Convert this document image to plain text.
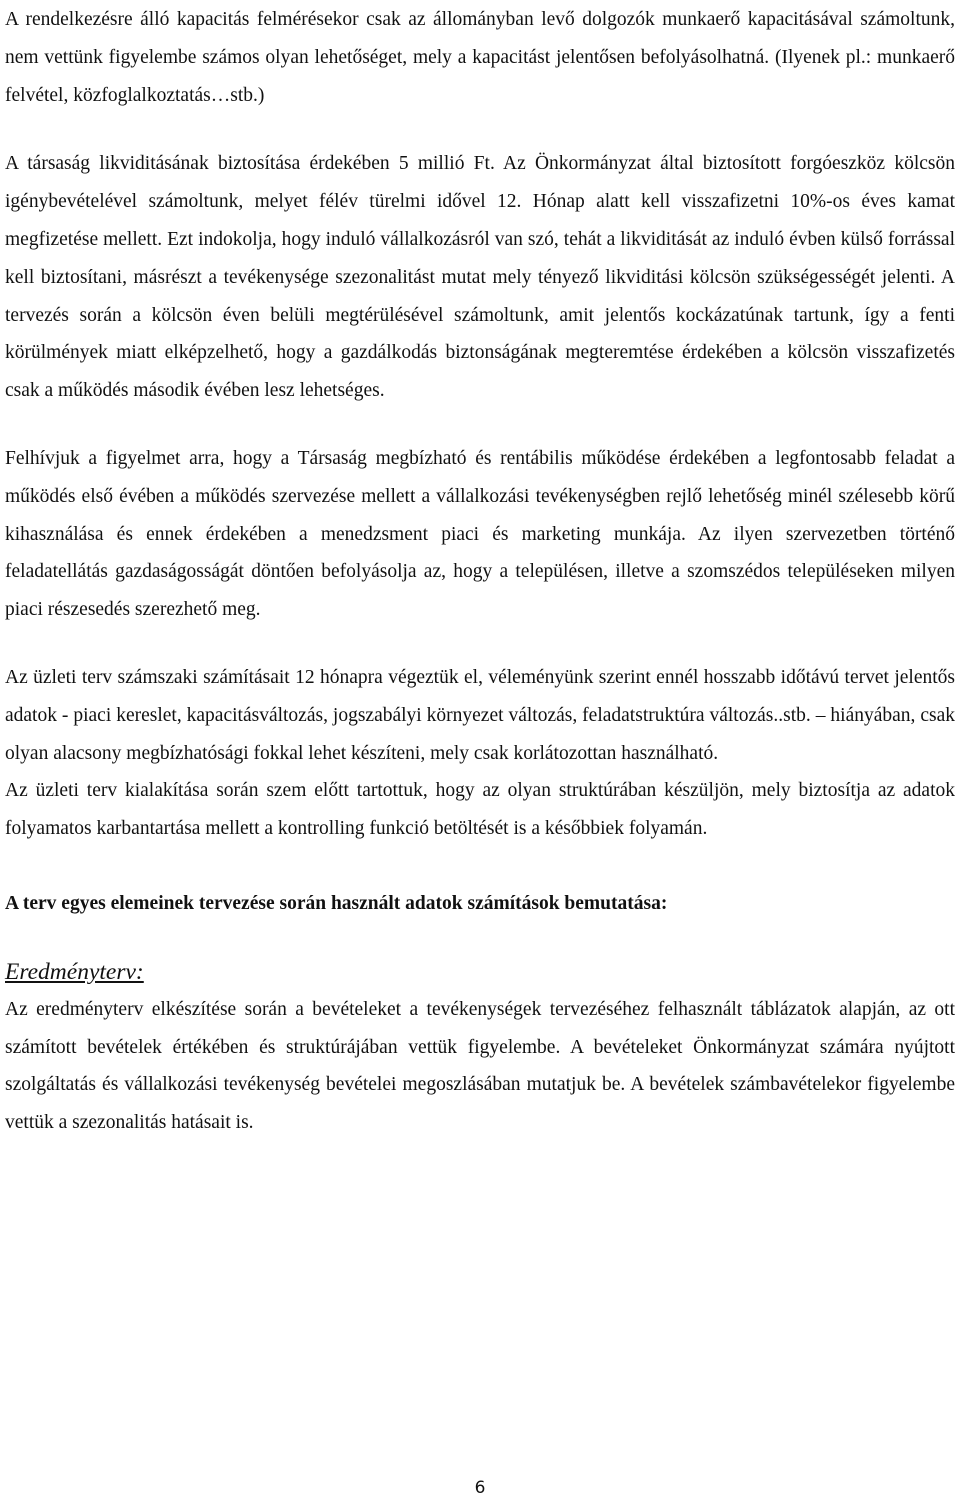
A rendelkezésre álló kapacitás felmérésekor csak az állományban levő dolgozók munkaerő kapacitásával számoltunk, nem vettünk figyelembe számos olyan lehetőséget, mely a kapacitást jelentősen befolyásolhatná. (Ilyenek pl.: munkaerő felvétel, közfoglalkoztatás…stb.)

A társaság likviditásának biztosítása érdekében 5 millió Ft. Az Önkormányzat által biztosított forgóeszköz kölcsön igénybevételével számoltunk, melyet félév türelmi idővel 12. Hónap alatt kell visszafizetni 10%-os éves kamat megfizetése mellett. Ezt indokolja, hogy induló vállalkozásról van szó, tehát a likviditását az induló évben külső forrással kell biztosítani, másrészt a tevékenysége szezonalitást mutat mely tényező likviditási kölcsön szükségességét jelenti. A tervezés során a kölcsön éven belüli megtérülésével számoltunk, amit jelentős kockázatúnak tartunk, így a fenti körülmények miatt elképzelhető, hogy a gazdálkodás biztonságának megteremtése érdekében a kölcsön visszafizetés csak a működés második évében lesz lehetséges.

Felhívjuk a figyelmet arra, hogy a Társaság megbízható és rentábilis működése érdekében a legfontosabb feladat a működés első évében a működés szervezése mellett a vállalkozási tevékenységben rejlő lehetőség minél szélesebb körű kihasználása és ennek érdekében a menedzsment piaci és marketing munkája. Az ilyen szervezetben történő feladatellátás gazdaságosságát döntően befolyásolja az, hogy a településen, illetve a szomszédos településeken milyen piaci részesedés szerezhető meg.

Az üzleti terv számszaki számításait 12 hónapra végeztük el, véleményünk szerint ennél hosszabb időtávú tervet jelentős adatok - piaci kereslet, kapacitásváltozás, jogszabályi környezet változás, feladatstruktúra változás..stb. – hiányában, csak olyan alacsony megbízhatósági fokkal lehet készíteni, mely csak korlátozottan használható.

Az üzleti terv kialakítása során szem előtt tartottuk, hogy az olyan struktúrában készüljön, mely biztosítja az adatok folyamatos karbantartása mellett a kontrolling funkció betöltését is a későbbiek folyamán.

A terv egyes elemeinek tervezése során használt adatok számítások bemutatása:
Eredményterv:

Az eredményterv elkészítése során a bevételeket a tevékenységek tervezéséhez felhasznált táblázatok alapján, az ott számított bevételek értékében és struktúrájában vettük figyelembe. A bevételeket Önkormányzat számára nyújtott szolgáltatás és vállalkozási tevékenység bevételei megoszlásában mutatjuk be. A bevételek számbavételekor figyelembe vettük a szezonalitás hatásait is.

6
